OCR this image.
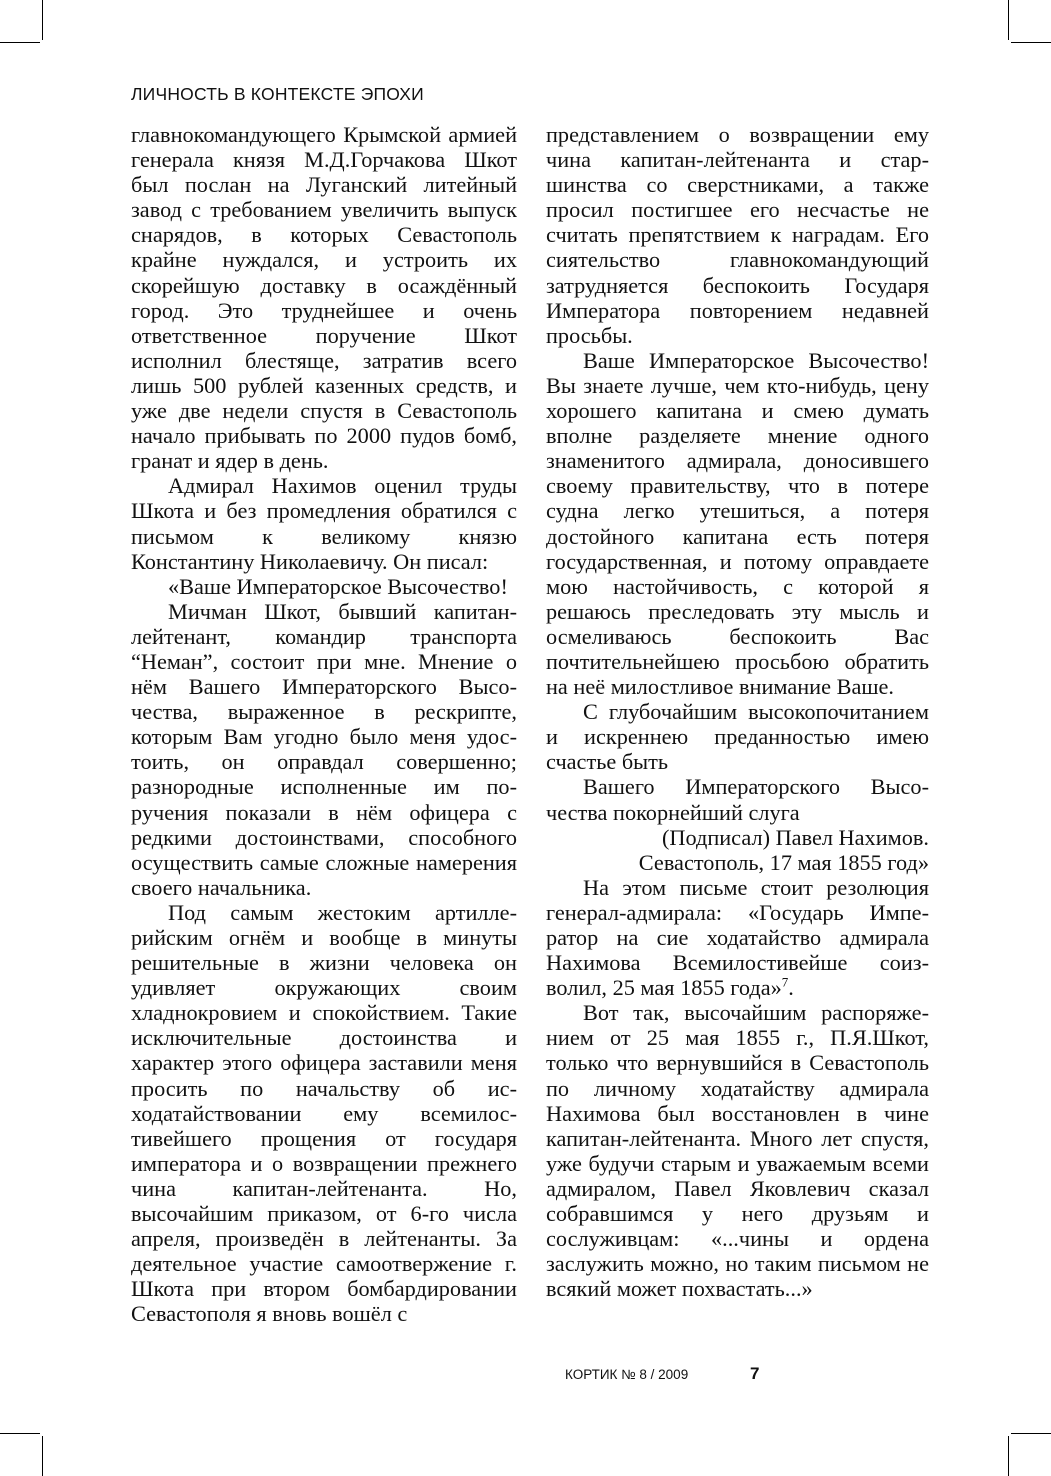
ЛИЧНОСТЬ В КОНТЕКСТЕ ЭПОХИ

главнокомандующего Крымской армией генерала князя М.Д.Горчакова Шкот был послан на Луганский литейный завод с требованием увеличить выпуск снарядов, в которых Севастополь крайне нуждался, и устроить их скорейшую доставку в осаждённый город. Это труднейшее и очень ответственное поручение Шкот исполнил блестяще, затратив всего лишь 500 рублей казенных средств, и уже две недели спустя в Севастополь начало прибывать по 2000 пудов бомб, гранат и ядер в день.

Адмирал Нахимов оценил труды Шкота и без промедления обратился с письмом к великому князю Константину Николаевичу. Он писал:

«Ваше Императорское Высочество!

Мичман Шкот, бывший капитан-лейтенант, командир транспорта “Неман”, состоит при мне. Мнение о нём Вашего Императорского Высочества, выраженное в рескрипте, которым Вам угодно было меня удостоить, он оправдал совершенно; разнородные исполненные им поручения показали в нём офицера с редкими достоинствами, способного осуществить самые сложные намерения своего начальника.

Под самым жестоким артиллерийским огнём и вообще в минуты решительные в жизни человека он удивляет окружающих своим хладнокровием и спокойствием. Такие исключительные достоинства и характер этого офицера заставили меня просить по начальству об исходатайствовании ему всемилостивейшего прощения от государя императора и о возвращении прежнего чина капитан-лейтенанта. Но, высочайшим приказом, от 6-го числа апреля, произведён в лейтенанты. За деятельное участие самоотвержение г. Шкота при втором бомбардировании Севастополя я вновь вошёл с

представлением о возвращении ему чина капитан-лейтенанта и старшинства со сверстниками, а также просил постигшее его несчастье не считать препятствием к наградам. Его сиятельство главнокомандующий затрудняется беспокоить Государя Императора повторением недавней просьбы.

Ваше Императорское Высочество! Вы знаете лучше, чем кто-нибудь, цену хорошего капитана и смею думать вполне разделяете мнение одного знаменитого адмирала, доносившего своему правительству, что в потере судна легко утешиться, а потеря достойного капитана есть потеря государственная, и потому оправдаете мою настойчивость, с которой я решаюсь преследовать эту мысль и осмеливаюсь беспокоить Вас почтительнейшею просьбою обратить на неё милостливое внимание Ваше.

С глубочайшим высокопочитанием и искреннею преданностью имею счастье быть

Вашего Императорского Высочества покорнейший слуга

(Подписал) Павел Нахимов.

Севастополь, 17 мая 1855 год»

На этом письме стоит резолюция генерал-адмирала: «Государь Император на сие ходатайство адмирала Нахимова Всемилостивейше соизволил, 25 мая 1855 года»$^7$.

Вот так, высочайшим распоряжением от 25 мая 1855 г., П.Я.Шкот, только что вернувшийся в Севастополь по личному ходатайству адмирала Нахимова был восстановлен в чине капитан-лейтенанта. Много лет спустя, уже будучи старым и уважаемым всеми адмиралом, Павел Яковлевич сказал собравшимся у него друзьям и сослуживцам: «...чины и ордена заслужить можно, но таким письмом не всякий может похвастать...»

КОРТИК № 8 / 2009	7
